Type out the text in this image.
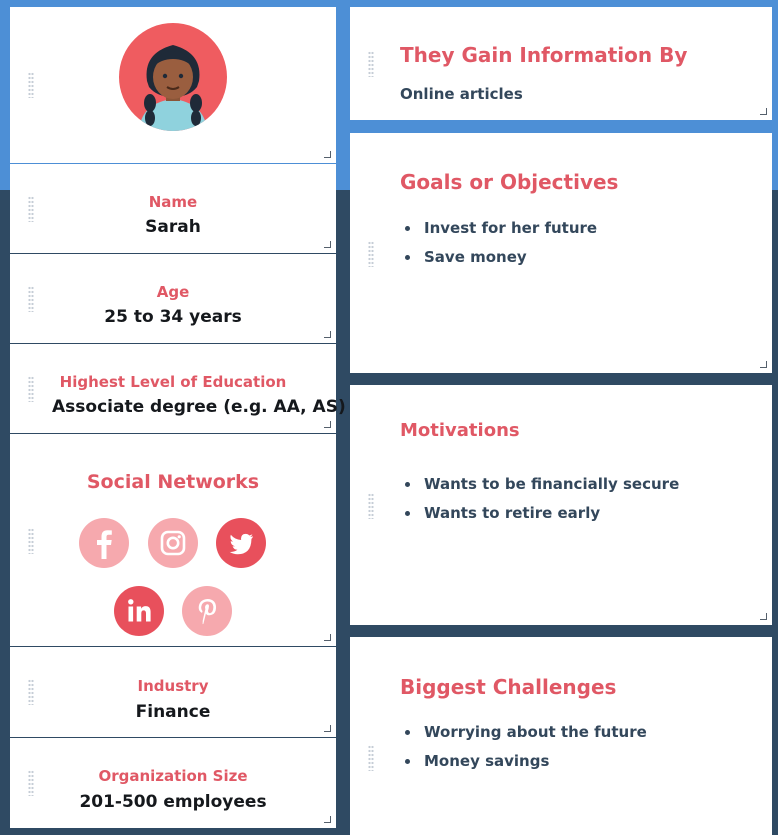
Name
Sarah
Age
25 to 34 years
Highest Level of Education
Associate degree (e.g. AA, AS)
Social Networks
Industry
Finance
Organization Size
201-500 employees
They Gain Information By
Online articles
Goals or Objectives
Invest for her future
Save money
Motivations
Wants to be financially secure
Wants to retire early
Biggest Challenges
Worrying about the future
Money savings
